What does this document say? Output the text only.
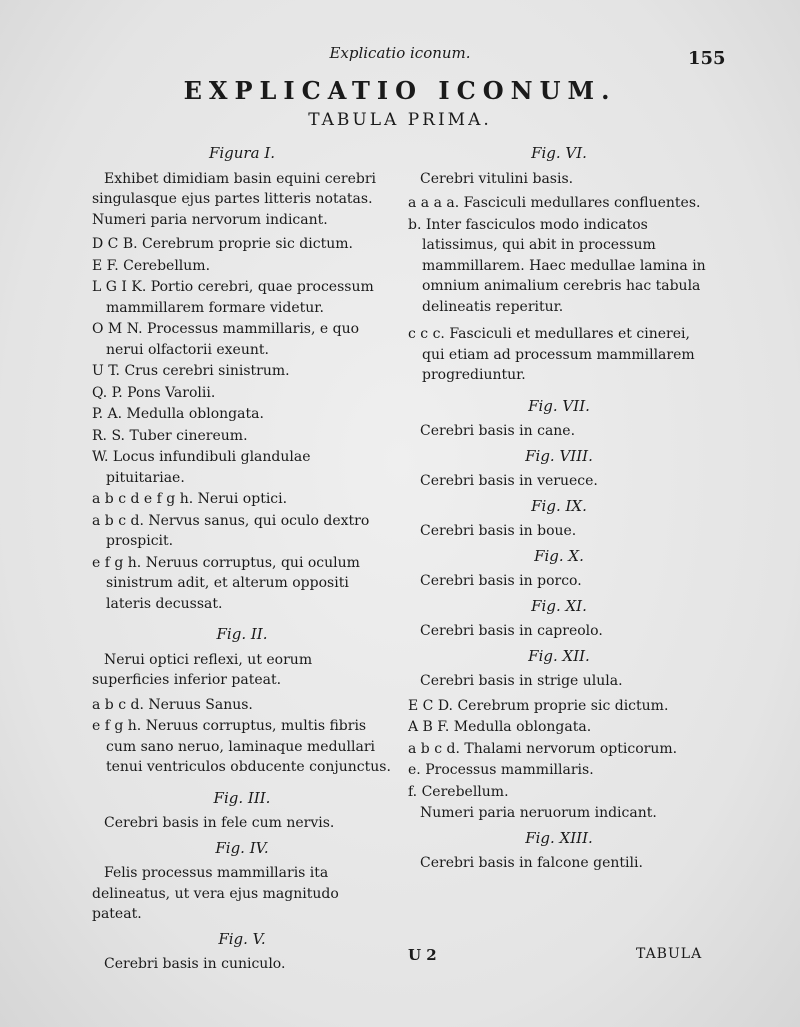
Explicatio iconum.	155
EXPLICATIO ICONUM.
TABULA PRIMA.
Figura I.

Exhibet dimidiam basin equini cerebri singulasque ejus partes litteris notatas. Numeri paria nervorum indicant.

D C B. Cerebrum proprie sic dictum.
E F. Cerebellum.
L G I K. Portio cerebri, quae processum mammillarem formare videtur.
O M N. Processus mammillaris, e quo nerui olfactorii exeunt.
U T. Crus cerebri sinistrum.
Q. P. Pons Varolii.
P. A. Medulla oblongata.
R. S. Tuber cinereum.
W. Locus infundibuli glandulae pituitariae.
a b c d e f g h. Nerui optici.
a b c d. Nervus sanus, qui oculo dextro prospicit.
e f g h. Neruus corruptus, qui oculum sinistrum adit, et alterum oppositi lateris decussat.
Fig. II.

Nerui optici reflexi, ut eorum superficies inferior pateat.

a b c d. Neruus Sanus.
e f g h. Neruus corruptus, multis fibris cum sano neruo, laminaque medullari tenui ventriculos obducente conjunctus.
Fig. III.

Cerebri basis in fele cum nervis.

Fig. IV.

Felis processus mammillaris ita delineatus, ut vera ejus magnitudo pateat.

Fig. V.

Cerebri basis in cuniculo.

Fig. VI.

Cerebri vitulini basis.

a a a a. Fasciculi medullares confluentes.
b. Inter fasciculos modo indicatos latissimus, qui abit in processum mammillarem. Haec medullae lamina in omnium animalium cerebris hac tabula delineatis reperitur.
c c c. Fasciculi et medullares et cinerei, qui etiam ad processum mammillarem progrediuntur.
Fig. VII.

Cerebri basis in cane.

Fig. VIII.

Cerebri basis in veruece.

Fig. IX.

Cerebri basis in boue.

Fig. X.

Cerebri basis in porco.

Fig. XI.

Cerebri basis in capreolo.

Fig. XII.

Cerebri basis in strige ulula.

E C D. Cerebrum proprie sic dictum.
A B F. Medulla oblongata.
a b c d. Thalami nervorum opticorum.
e. Processus mammillaris.
f. Cerebellum.

Numeri paria neruorum indicant.

Fig. XIII.

Cerebri basis in falcone gentili.

U 2	TABULA
